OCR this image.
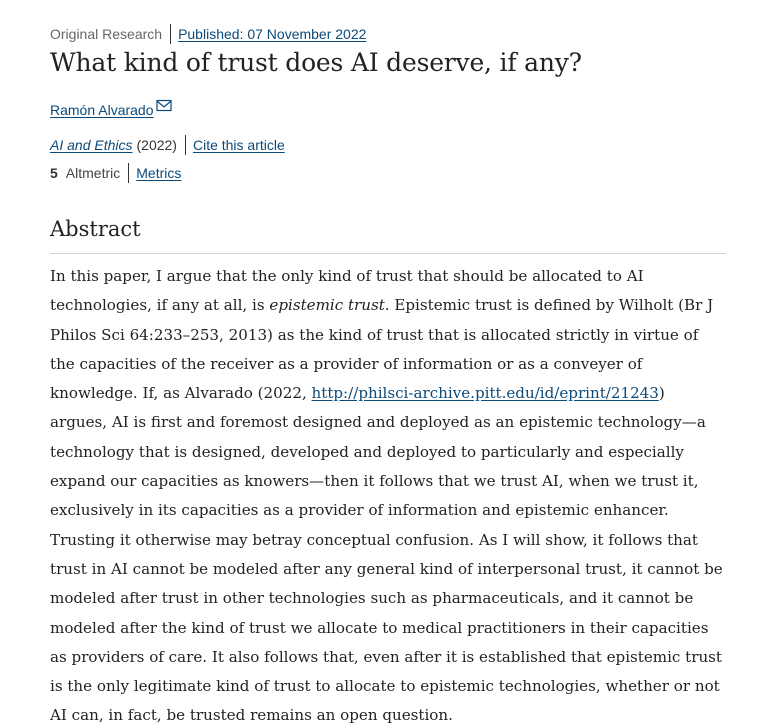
Original Research Published: 07 November 2022
What kind of trust does AI deserve, if any?
Ramón Alvarado
AI and Ethics (2022) Cite this article
5 Altmetric Metrics
Abstract

In this paper, I argue that the only kind of trust that should be allocated to AI technologies, if any at all, is epistemic trust. Epistemic trust is defined by Wilholt (Br J Philos Sci 64:233–253, 2013) as the kind of trust that is allocated strictly in virtue of the capacities of the receiver as a provider of information or as a conveyer of knowledge. If, as Alvarado (2022, http://philsci-archive.pitt.edu/id/eprint/21243) argues, AI is first and foremost designed and deployed as an epistemic technology—a technology that is designed, developed and deployed to particularly and especially expand our capacities as knowers—then it follows that we trust AI, when we trust it, exclusively in its capacities as a provider of information and epistemic enhancer. Trusting it otherwise may betray conceptual confusion. As I will show, it follows that trust in AI cannot be modeled after any general kind of interpersonal trust, it cannot be modeled after trust in other technologies such as pharmaceuticals, and it cannot be modeled after the kind of trust we allocate to medical practitioners in their capacities as providers of care. It also follows that, even after it is established that epistemic trust is the only legitimate kind of trust to allocate to epistemic technologies, whether or not AI can, in fact, be trusted remains an open question.
